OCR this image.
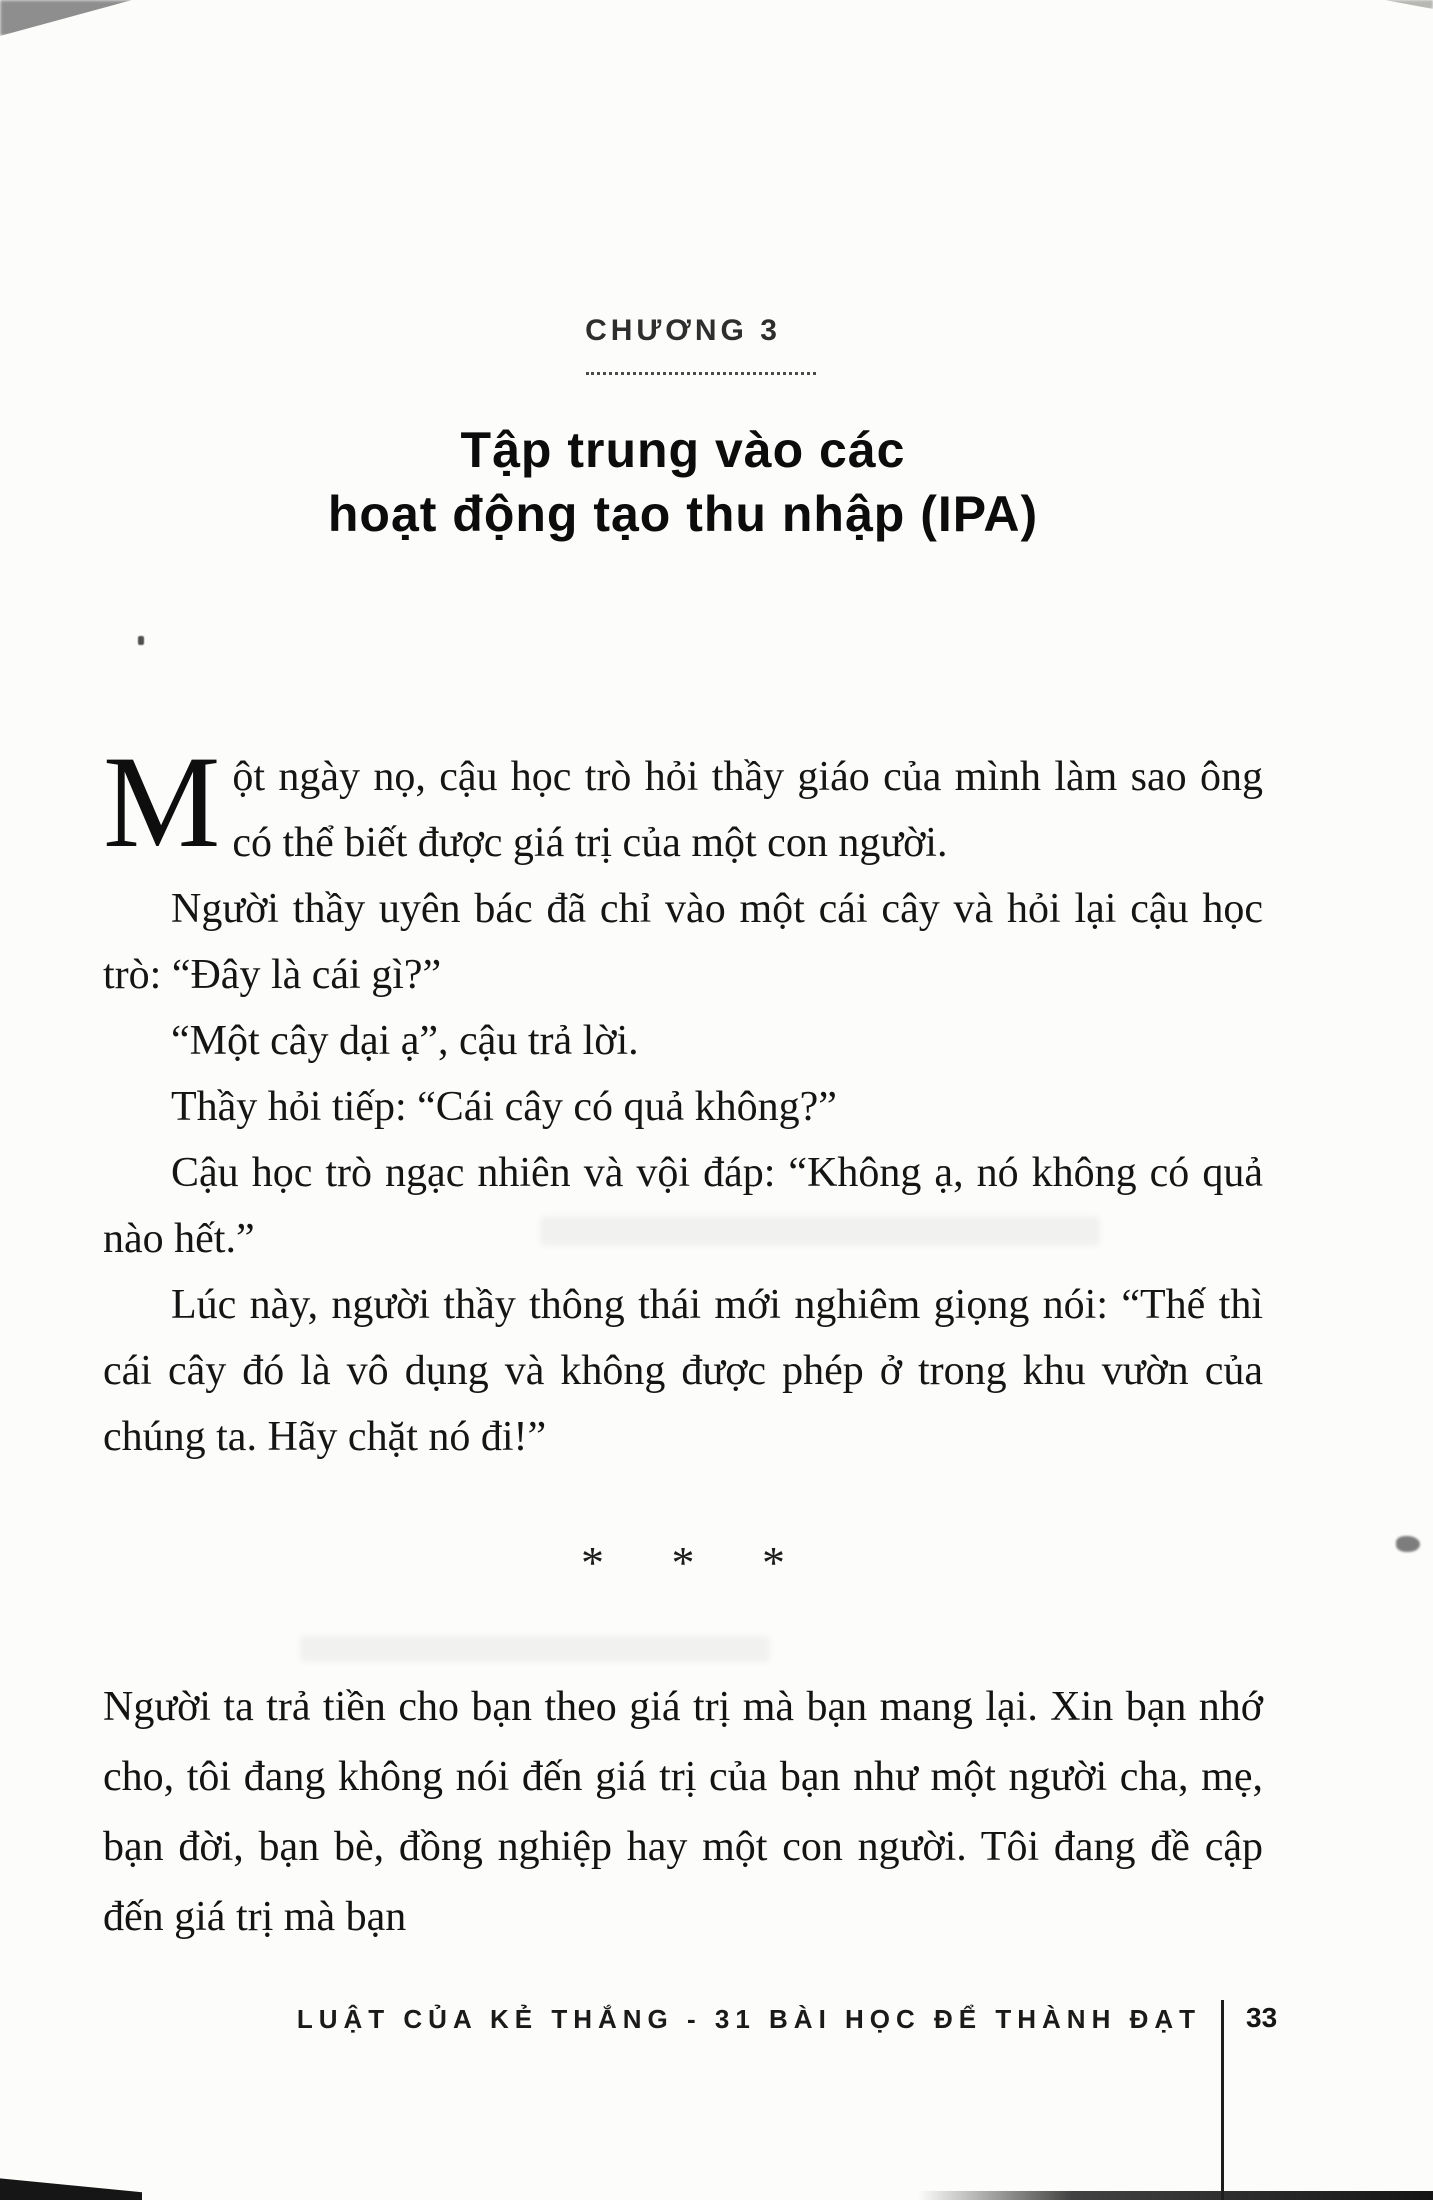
CHƯƠNG 3
Tập trung vào các
hoạt động tạo thu nhập (IPA)

Một ngày nọ, cậu học trò hỏi thầy giáo của mình làm sao ông có thể biết được giá trị của một con người.

Người thầy uyên bác đã chỉ vào một cái cây và hỏi lại cậu học trò: “Đây là cái gì?”

“Một cây dại ạ”, cậu trả lời.

Thầy hỏi tiếp: “Cái cây có quả không?”

Cậu học trò ngạc nhiên và vội đáp: “Không ạ, nó không có quả nào hết.”

Lúc này, người thầy thông thái mới nghiêm giọng nói: “Thế thì cái cây đó là vô dụng và không được phép ở trong khu vườn của chúng ta. Hãy chặt nó đi!”

* * *

Người ta trả tiền cho bạn theo giá trị mà bạn mang lại. Xin bạn nhớ cho, tôi đang không nói đến giá trị của bạn như một người cha, mẹ, bạn đời, bạn bè, đồng nghiệp hay một con người. Tôi đang đề cập đến giá trị mà bạn

LUẬT CỦA KẺ THẮNG - 31 BÀI HỌC ĐỂ THÀNH ĐẠT 33
